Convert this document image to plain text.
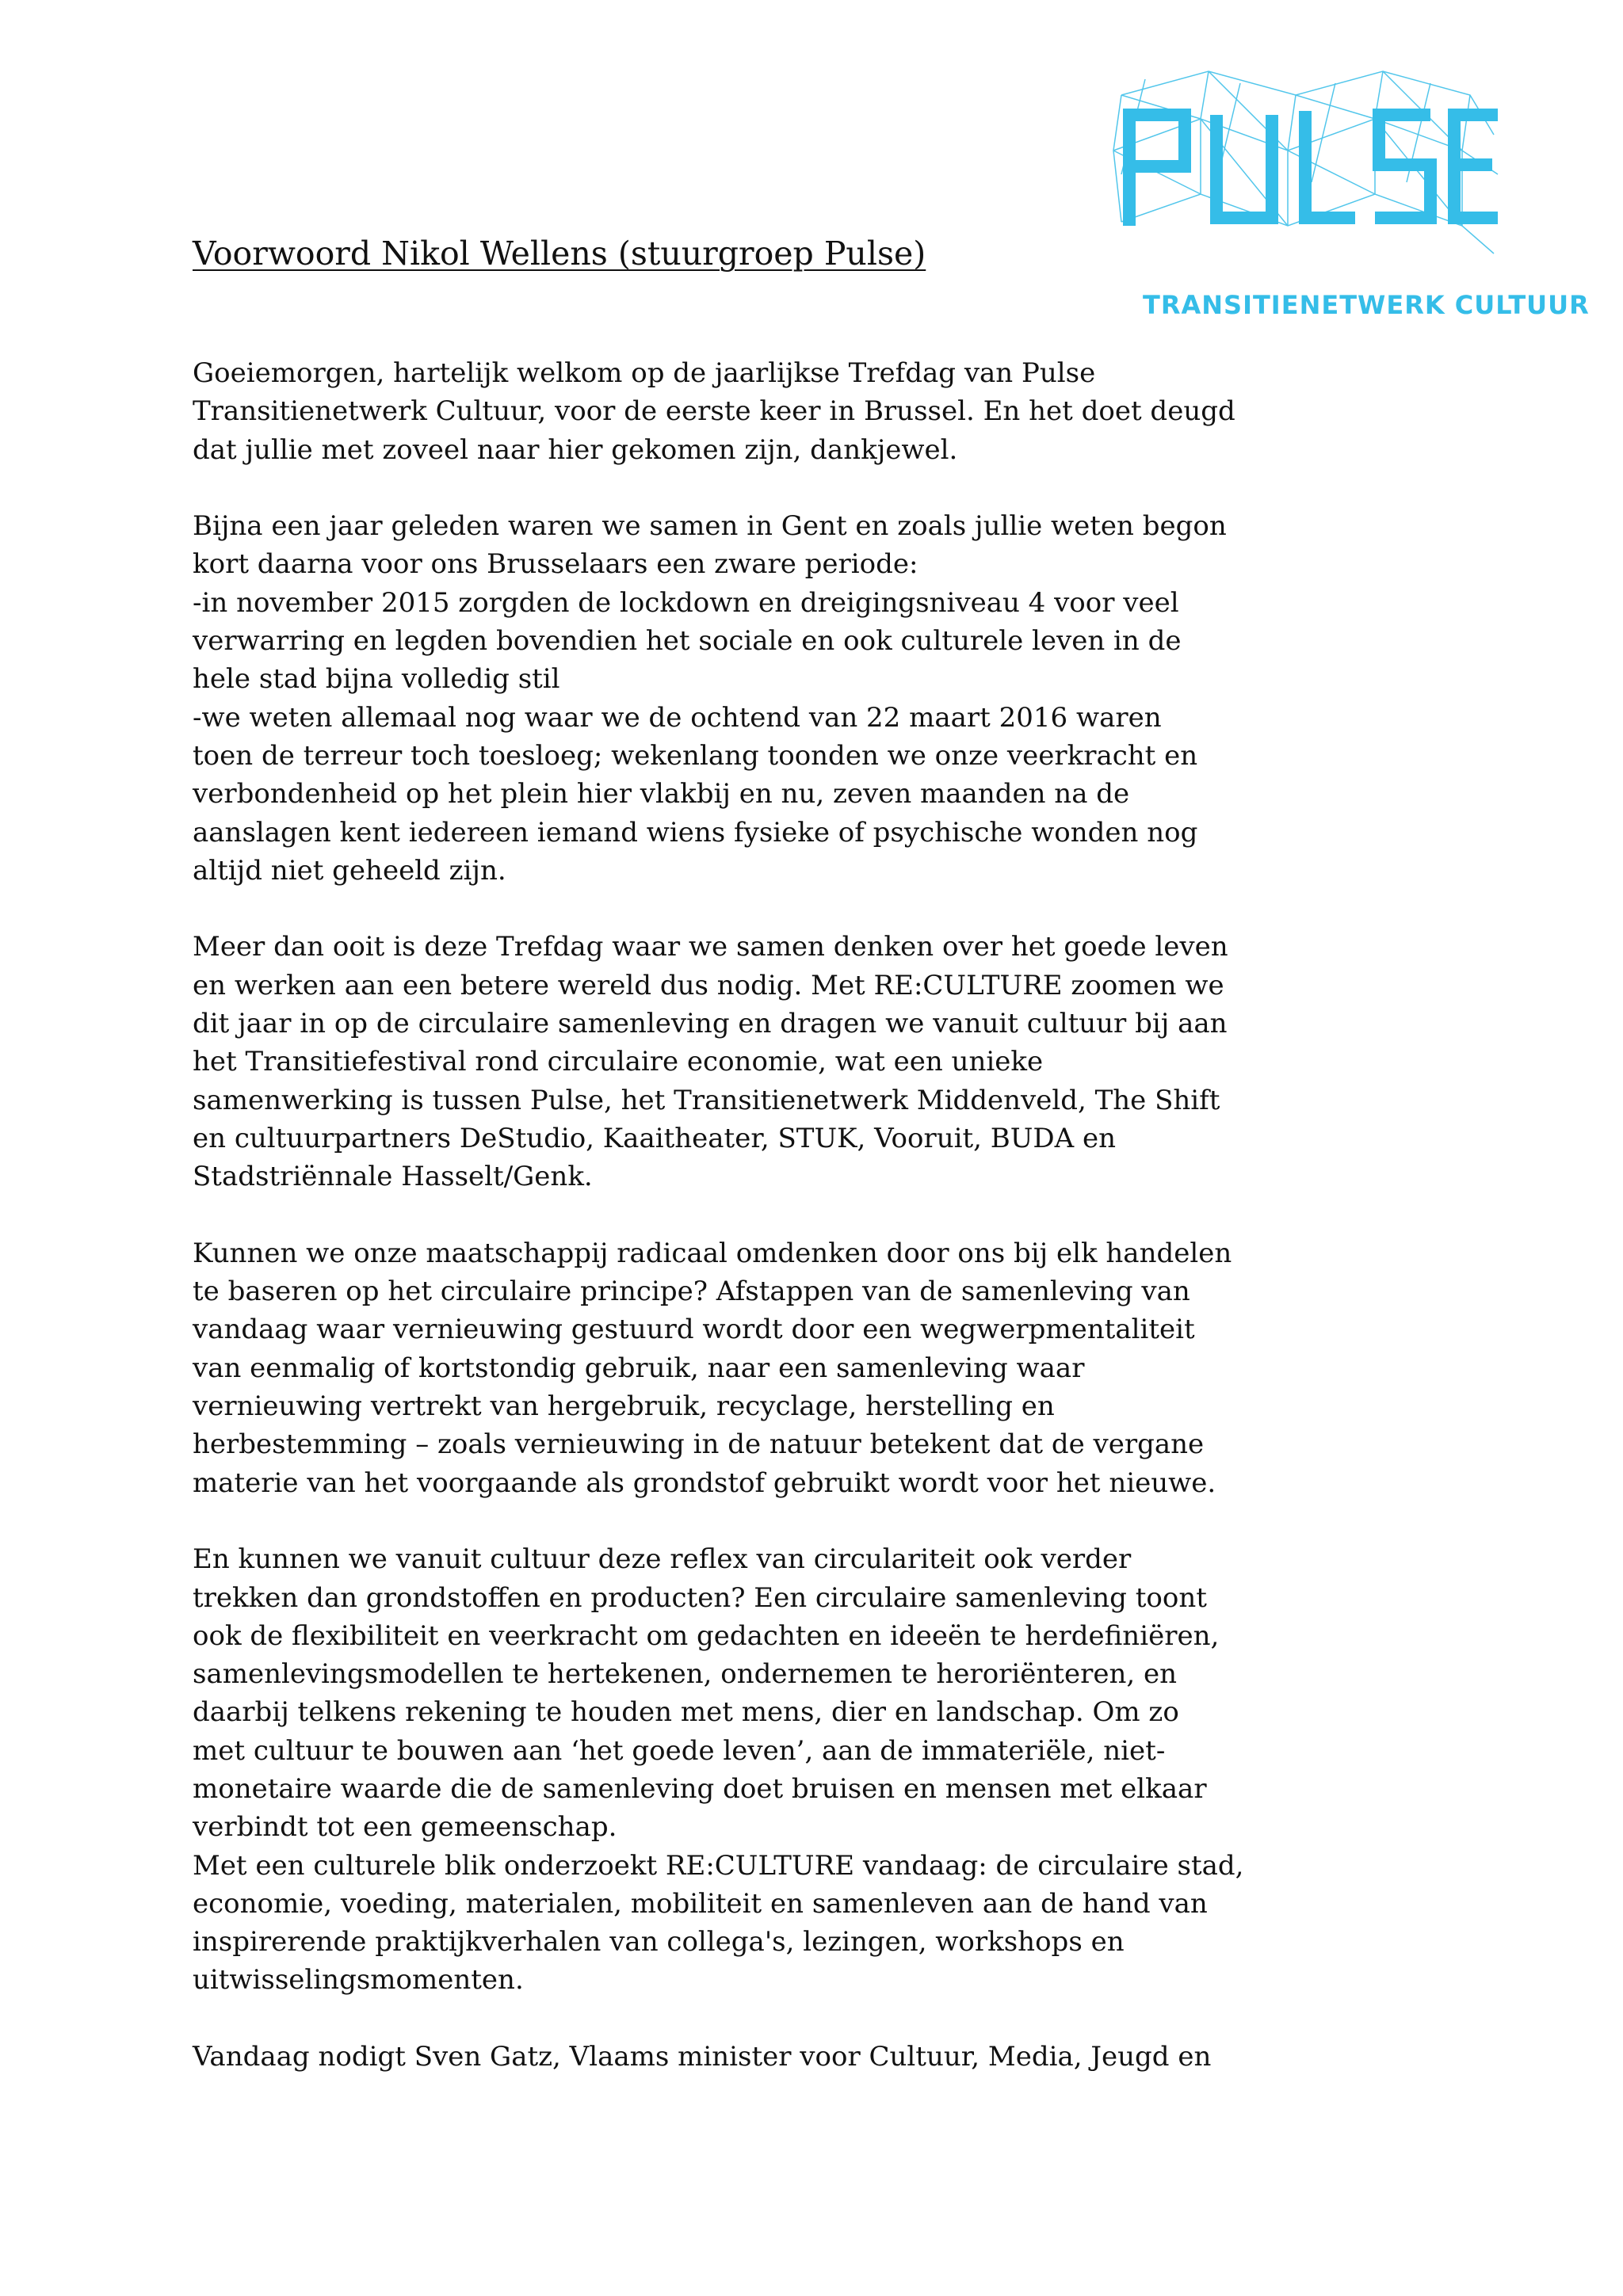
TRANSITIENETWERK CULTUUR
Voorwoord Nikol Wellens (stuurgroep Pulse)

Goeiemorgen, hartelijk welkom op de jaarlijkse Trefdag van Pulse
Transitienetwerk Cultuur, voor de eerste keer in Brussel. En het doet deugd
dat jullie met zoveel naar hier gekomen zijn, dankjewel.

Bijna een jaar geleden waren we samen in Gent en zoals jullie weten begon
kort daarna voor ons Brusselaars een zware periode:
-in november 2015 zorgden de lockdown en dreigingsniveau 4 voor veel
verwarring en legden bovendien het sociale en ook culturele leven in de
hele stad bijna volledig stil
-we weten allemaal nog waar we de ochtend van 22 maart 2016 waren
toen de terreur toch toesloeg; wekenlang toonden we onze veerkracht en
verbondenheid op het plein hier vlakbij en nu, zeven maanden na de
aanslagen kent iedereen iemand wiens fysieke of psychische wonden nog
altijd niet geheeld zijn.

Meer dan ooit is deze Trefdag waar we samen denken over het goede leven
en werken aan een betere wereld dus nodig. Met RE:CULTURE zoomen we
dit jaar in op de circulaire samenleving en dragen we vanuit cultuur bij aan
het Transitiefestival rond circulaire economie, wat een unieke
samenwerking is tussen Pulse, het Transitienetwerk Middenveld, The Shift
en cultuurpartners DeStudio, Kaaitheater, STUK, Vooruit, BUDA en
Stadstriënnale Hasselt/Genk.

Kunnen we onze maatschappij radicaal omdenken door ons bij elk handelen
te baseren op het circulaire principe? Afstappen van de samenleving van
vandaag waar vernieuwing gestuurd wordt door een wegwerpmentaliteit
van eenmalig of kortstondig gebruik, naar een samenleving waar
vernieuwing vertrekt van hergebruik, recyclage, herstelling en
herbestemming – zoals vernieuwing in de natuur betekent dat de vergane
materie van het voorgaande als grondstof gebruikt wordt voor het nieuwe.

En kunnen we vanuit cultuur deze reflex van circulariteit ook verder
trekken dan grondstoffen en producten? Een circulaire samenleving toont
ook de flexibiliteit en veerkracht om gedachten en ideeën te herdefiniëren,
samenlevingsmodellen te hertekenen, ondernemen te heroriënteren, en
daarbij telkens rekening te houden met mens, dier en landschap. Om zo
met cultuur te bouwen aan ‘het goede leven’, aan de immateriële, niet-
monetaire waarde die de samenleving doet bruisen en mensen met elkaar
verbindt tot een gemeenschap.
Met een culturele blik onderzoekt RE:CULTURE vandaag: de circulaire stad,
economie, voeding, materialen, mobiliteit en samenleven aan de hand van
inspirerende praktijkverhalen van collega's, lezingen, workshops en
uitwisselingsmomenten.

Vandaag nodigt Sven Gatz, Vlaams minister voor Cultuur, Media, Jeugd en
